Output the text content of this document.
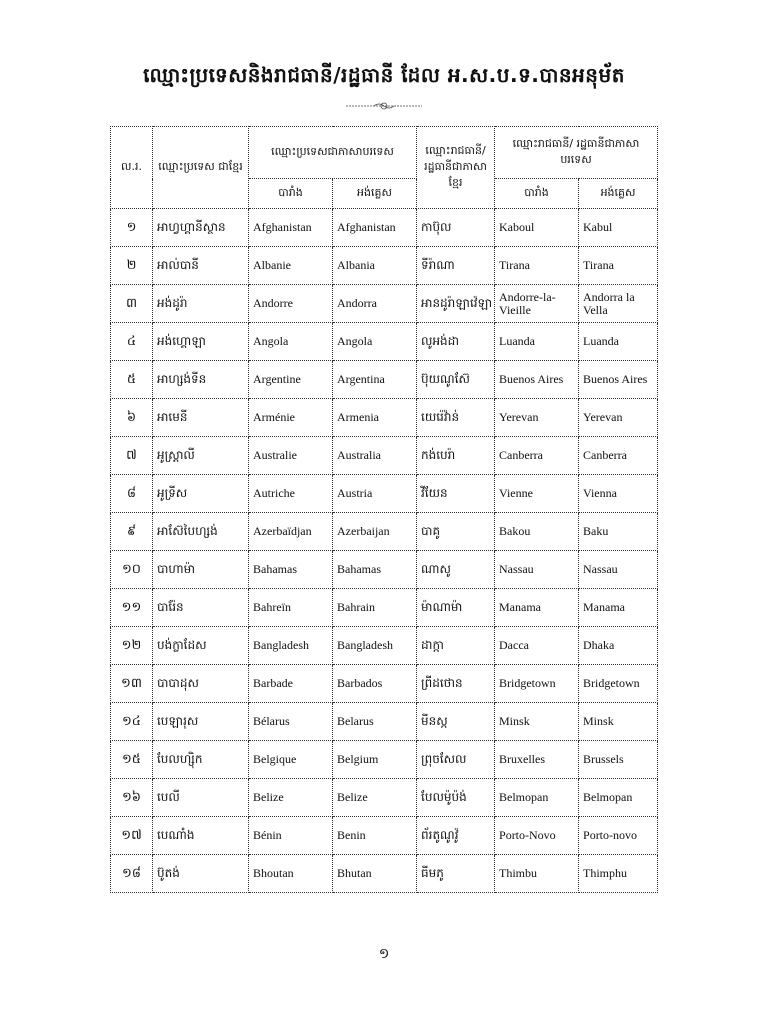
ឈ្មោះប្រទេសនិងរាជធានី/រដ្ឋធានី ដែល អ.ស.ប.ទ.បានអនុម័ត
ល.រ.	ឈ្មោះប្រទេស ជាខ្មែរ	ឈ្មោះប្រទេសជាភាសាបរទេស		ឈ្មោះរាជធានី/ រដ្ឋធានីជាភាសា ខ្មែរ	ឈ្មោះរាជធានី/ រដ្ឋធានីជាភាសាបរទេស	
		បារាំង	អង់គ្លេស		បារាំង	អង់គ្លេស
១	អាហ្វហ្គានីស្ថាន	Afghanistan	Afghanistan	កាប៊ុល	Kaboul	Kabul
២	អាល់បានី	Albanie	Albania	ទីរ៉ាណា	Tirana	Tirana
៣	អង់ដូរ៉ា	Andorre	Andorra	អានដូរ៉ាឡាវ៉េឡា	Andorre-la-Vieille	Andorra la Vella
៤	អង់ហ្គោឡា	Angola	Angola	លូអង់ដា	Luanda	Luanda
៥	អាហ្សង់ទីន	Argentine	Argentina	ប៊ុយណូស៊ែ	Buenos Aires	Buenos Aires
៦	អាមេនី	Arménie	Armenia	យេរ៉េវ៉ាន់	Yerevan	Yerevan
៧	អូស្ត្រាលី	Australie	Australia	កង់បេរ៉ា	Canberra	Canberra
៨	អូទ្រីស	Autriche	Austria	វីយែន	Vienne	Vienna
៩	អាស៊ែបៃហ្សង់	Azerbaïdjan	Azerbaijan	បាគូ	Bakou	Baku
១០	បាហាម៉ា	Bahamas	Bahamas	ណាសូ	Nassau	Nassau
១១	បារ៉ែន	Bahreïn	Bahrain	ម៉ាណាម៉ា	Manama	Manama
១២	បង់ក្លាដែស	Bangladesh	Bangladesh	ដាក្កា	Dacca	Dhaka
១៣	បាបាដុស	Barbade	Barbados	ព្រីដថោន	Bridgetown	Bridgetown
១៤	បេឡារុស	Bélarus	Belarus	មីនស្ក	Minsk	Minsk
១៥	បែលហ្ស៊ិក	Belgique	Belgium	ព្រុចសែល	Bruxelles	Brussels
១៦	បេលី	Belize	Belize	បែលម៉ូប៉ង់	Belmopan	Belmopan
១៧	បេណាំង	Bénin	Benin	ព័រតូណូវ៉ូ	Porto-Novo	Porto-novo
១៨	ប៊ូតង់	Bhoutan	Bhutan	ធីមភូ	Thimbu	Thimphu
១
